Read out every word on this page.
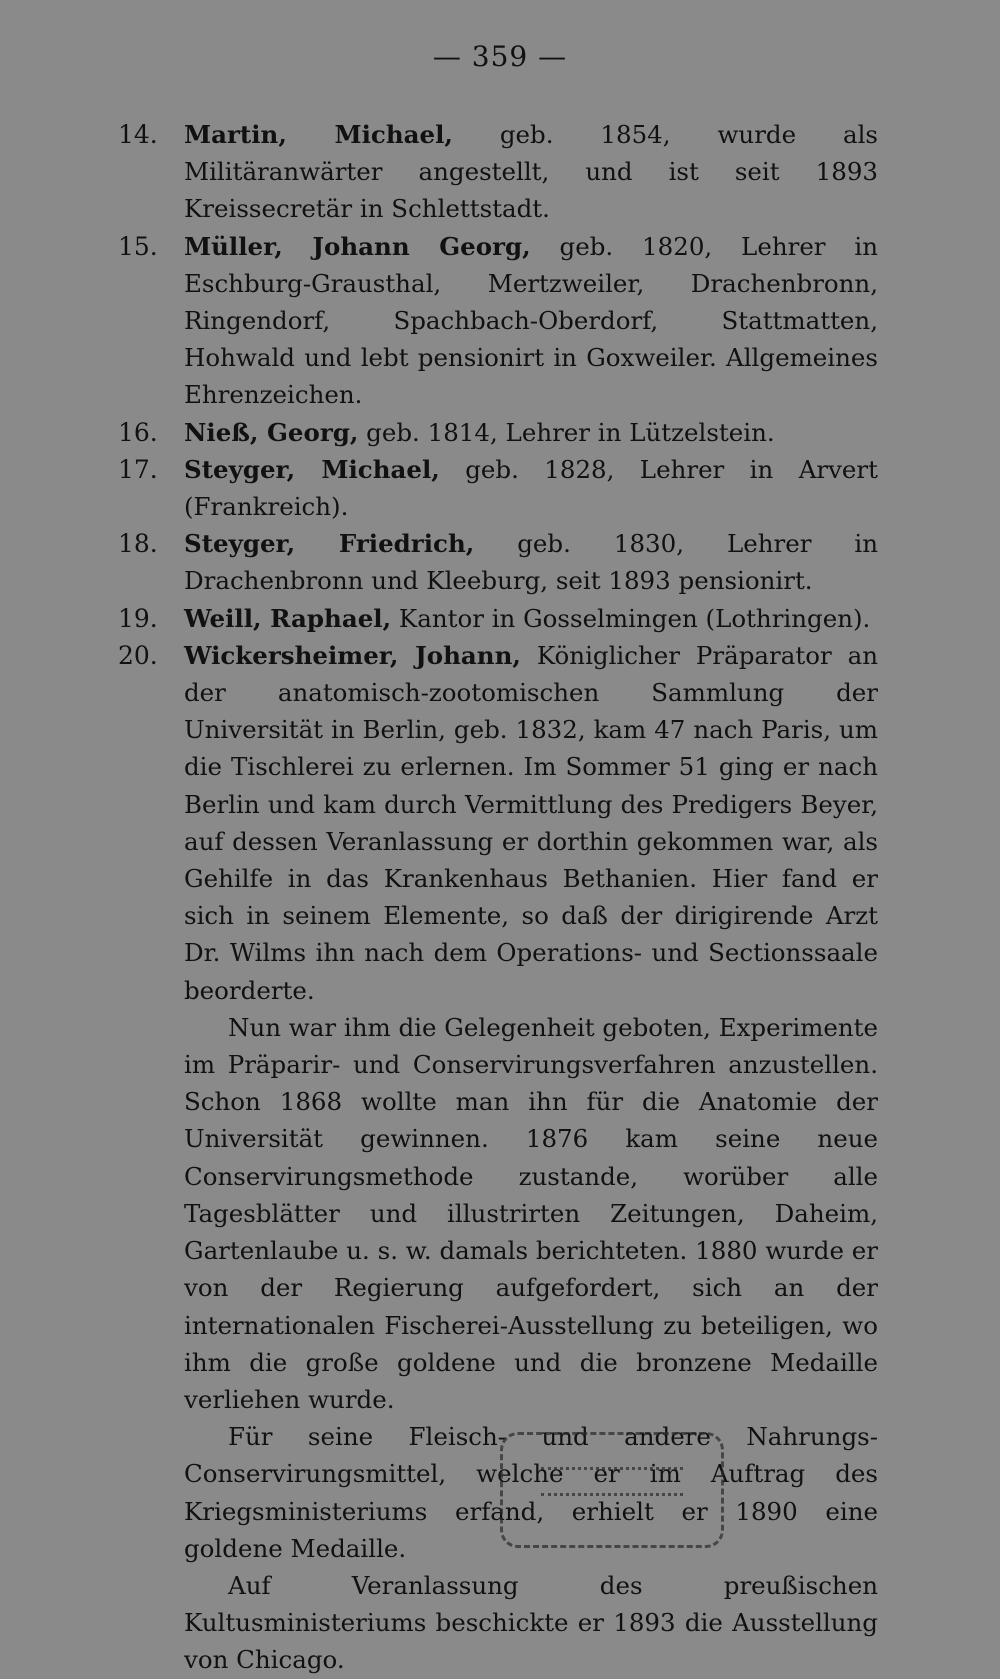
— 359 —
14.	Martin, Michael, geb. 1854, wurde als Militäranwärter angestellt, und ist seit 1893 Kreissecretär in Schlettstadt.
15.	Müller, Johann Georg, geb. 1820, Lehrer in Eschburg-Grausthal, Mertzweiler, Drachenbronn, Ringendorf, Spachbach-Oberdorf, Stattmatten, Hohwald und lebt pensionirt in Goxweiler. Allgemeines Ehrenzeichen.
16.	Nieß, Georg, geb. 1814, Lehrer in Lützelstein.
17.	Steyger, Michael, geb. 1828, Lehrer in Arvert (Frankreich).
18.	Steyger, Friedrich, geb. 1830, Lehrer in Drachenbronn und Kleeburg, seit 1893 pensionirt.
19.	Weill, Raphael, Kantor in Gosselmingen (Lothringen).
20.	Wickersheimer, Johann, Königlicher Präparator an der anatomisch-zootomischen Sammlung der Universität in Berlin, geb. 1832, kam 47 nach Paris, um die Tischlerei zu erlernen. Im Sommer 51 ging er nach Berlin und kam durch Vermittlung des Predigers Beyer, auf dessen Veranlassung er dorthin gekommen war, als Gehilfe in das Krankenhaus Bethanien. Hier fand er sich in seinem Elemente, so daß der dirigirende Arzt Dr. Wilms ihn nach dem Operations- und Sectionssaale beorderte.

Nun war ihm die Gelegenheit geboten, Experimente im Präparir- und Conservirungsverfahren anzustellen. Schon 1868 wollte man ihn für die Anatomie der Universität gewinnen. 1876 kam seine neue Conservirungsmethode zustande, worüber alle Tagesblätter und illustrirten Zeitungen, Daheim, Gartenlaube u. s. w. damals berichteten. 1880 wurde er von der Regierung aufgefordert, sich an der internationalen Fischerei-Ausstellung zu beteiligen, wo ihm die große goldene und die bronzene Medaille verliehen wurde.

Für seine Fleisch- und andere Nahrungs-Conservirungsmittel, welche er im Auftrag des Kriegsministeriums erfand, erhielt er 1890 eine goldene Medaille.

Auf Veranlassung des preußischen Kultusministeriums beschickte er 1893 die Ausstellung von Chicago.
